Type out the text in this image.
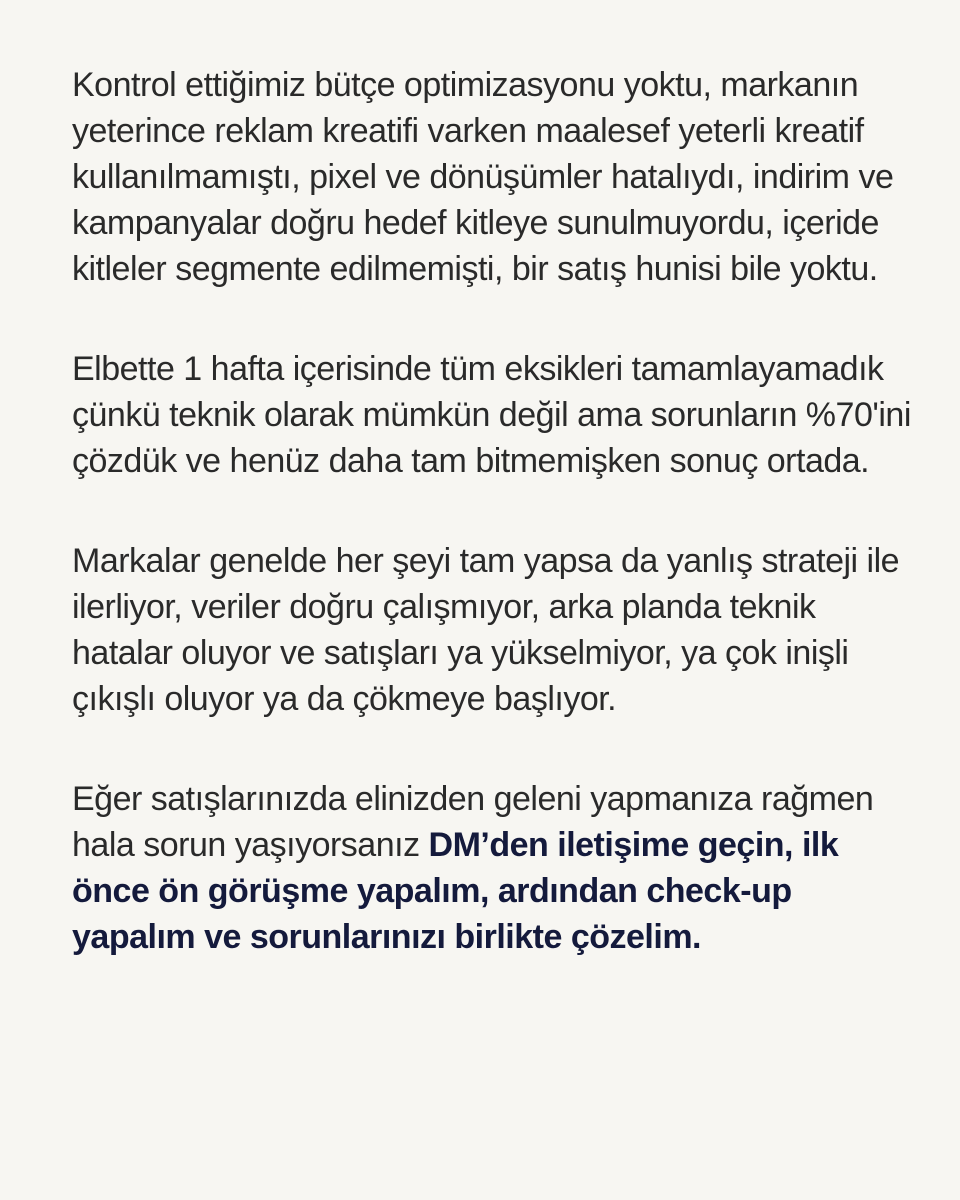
Kontrol ettiğimiz bütçe optimizasyonu yoktu, markanın yeterince reklam kreatifi varken maalesef yeterli kreatif kullanılmamıştı, pixel ve dönüşümler hatalıydı, indirim ve kampanyalar doğru hedef kitleye sunulmuyordu, içeride kitleler segmente edilmemişti, bir satış hunisi bile yoktu.

Elbette 1 hafta içerisinde tüm eksikleri tamamlayamadık çünkü teknik olarak mümkün değil ama sorunların %70'ini çözdük ve henüz daha tam bitmemişken sonuç ortada.

Markalar genelde her şeyi tam yapsa da yanlış strateji ile ilerliyor, veriler doğru çalışmıyor, arka planda teknik hatalar oluyor ve satışları ya yükselmiyor, ya çok inişli çıkışlı oluyor ya da çökmeye başlıyor.

Eğer satışlarınızda elinizden geleni yapmanıza rağmen hala sorun yaşıyorsanız DM’den iletişime geçin, ilk önce ön görüşme yapalım, ardından check-up yapalım ve sorunlarınızı birlikte çözelim.
